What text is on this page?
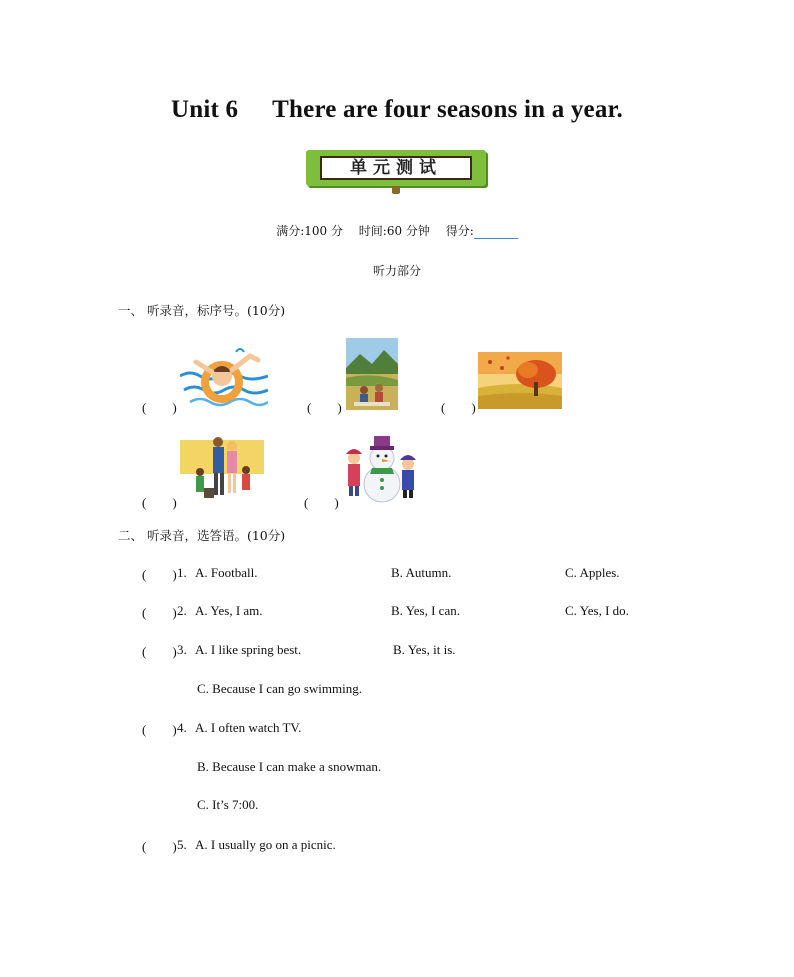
Unit 6 There are four seasons in a year.
单元测试
满分:100 分 时间:60 分钟 得分:
听力部分
一、 听录音，标序号。(10分)
(　　)	(　　)	(　　)
(　　)	(　　)
二、 听录音，选答语。(10分)
(　　) 1. A. Football.	B. Autumn.	C. Apples.
(　　) 2. A. Yes, I am.	B. Yes, I can.	C. Yes, I do.
(　　) 3. A. I like spring best.	B. Yes, it is.
C. Because I can go swimming.
(　　) 4. A. I often watch TV.
B. Because I can make a snowman.
C. It’s 7:00.
(　　) 5. A. I usually go on a picnic.
